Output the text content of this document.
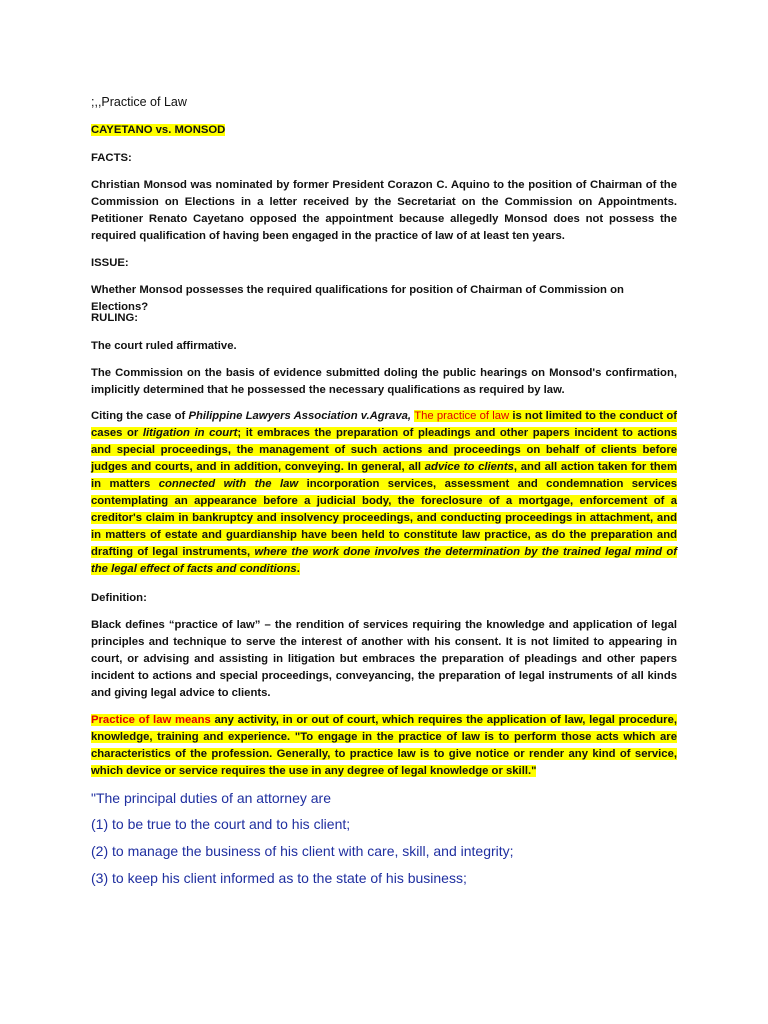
;,,Practice of Law

CAYETANO vs. MONSOD

FACTS:

Christian Monsod was nominated by former President Corazon C. Aquino to the position of Chairman of the Commission on Elections in a letter received by the Secretariat on the Commission on Appointments. Petitioner Renato Cayetano opposed the appointment because allegedly Monsod does not possess the required qualification of having been engaged in the practice of law of at least ten years.

ISSUE:

Whether Monsod possesses the required qualifications for position of Chairman of Commission on Elections?

RULING:

The court ruled affirmative.

The Commission on the basis of evidence submitted doling the public hearings on Monsod's confirmation, implicitly determined that he possessed the necessary qualifications as required by law.

Citing the case of Philippine Lawyers Association v.Agrava, The practice of law is not limited to the conduct of cases or litigation in court; it embraces the preparation of pleadings and other papers incident to actions and special proceedings, the management of such actions and proceedings on behalf of clients before judges and courts, and in addition, conveying. In general, all advice to clients, and all action taken for them in matters connected with the law incorporation services, assessment and condemnation services contemplating an appearance before a judicial body, the foreclosure of a mortgage, enforcement of a creditor's claim in bankruptcy and insolvency proceedings, and conducting proceedings in attachment, and in matters of estate and guardianship have been held to constitute law practice, as do the preparation and drafting of legal instruments, where the work done involves the determination by the trained legal mind of the legal effect of facts and conditions.

Definition:

Black defines “practice of law” – the rendition of services requiring the knowledge and application of legal principles and technique to serve the interest of another with his consent. It is not limited to appearing in court, or advising and assisting in litigation but embraces the preparation of pleadings and other papers incident to actions and special proceedings, conveyancing, the preparation of legal instruments of all kinds and giving legal advice to clients.

Practice of law means any activity, in or out of court, which requires the application of law, legal procedure, knowledge, training and experience. "To engage in the practice of law is to perform those acts which are characteristics of the profession. Generally, to practice law is to give notice or render any kind of service, which device or service requires the use in any degree of legal knowledge or skill."

"The principal duties of an attorney are

(1) to be true to the court and to his client;

(2) to manage the business of his client with care, skill, and integrity;

(3) to keep his client informed as to the state of his business;
